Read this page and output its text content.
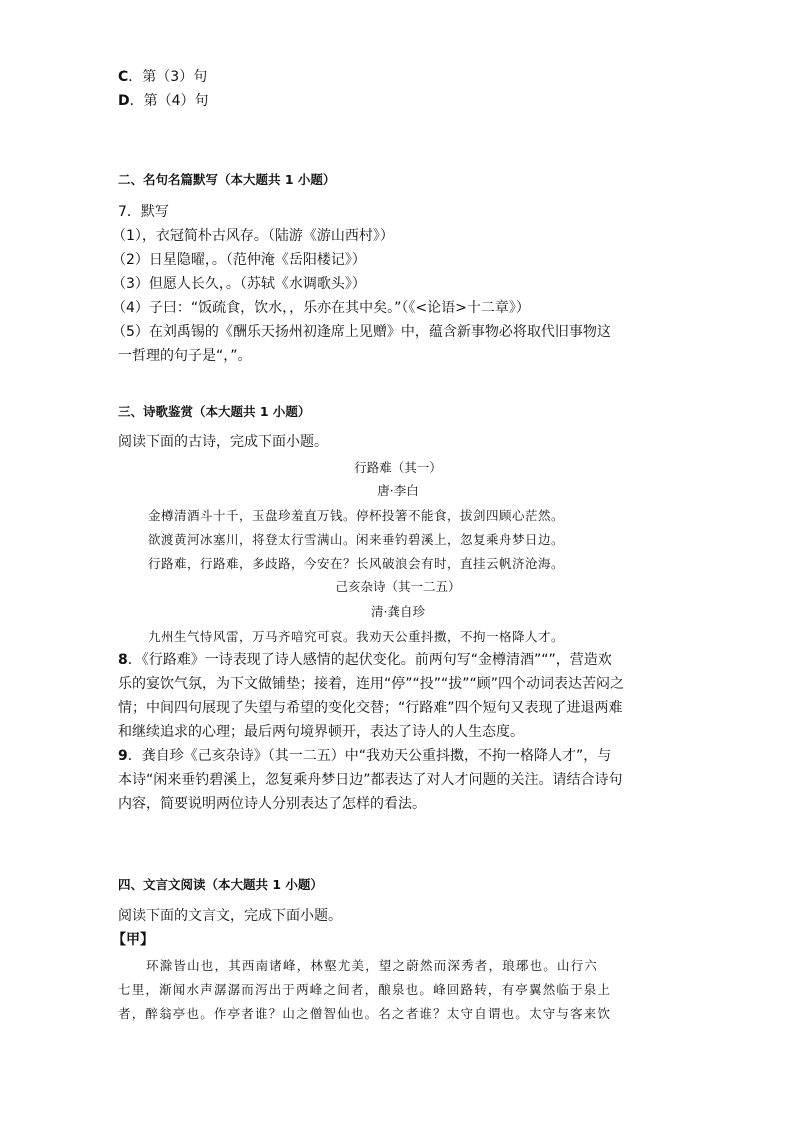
C．第（3）句
D．第（4）句
二、名句名篇默写（本大题共 1 小题）
7．默写
（1），衣冠简朴古风存。（陆游《游山西村》）
（2）日星隐曜，。（范仲淹《岳阳楼记》）
（3）但愿人长久，。（苏轼《水调歌头》）
（4）子曰：“饭疏食，饮水，，乐亦在其中矣。”（《<论语>十二章》）
（5）在刘禹锡的《酬乐天扬州初逢席上见赠》中，蕴含新事物必将取代旧事物这
一哲理的句子是“，”。
三、诗歌鉴赏（本大题共 1 小题）
阅读下面的古诗，完成下面小题。
行路难（其一）
唐·李白
金樽清酒斗十千，玉盘珍羞直万钱。停杯投箸不能食，拔剑四顾心茫然。
欲渡黄河冰塞川，将登太行雪满山。闲来垂钓碧溪上，忽复乘舟梦日边。
行路难，行路难，多歧路，今安在？长风破浪会有时，直挂云帆济沧海。
己亥杂诗（其一二五）
清·龚自珍
九州生气恃风雷，万马齐喑究可哀。我劝天公重抖擞，不拘一格降人才。
8．《行路难》一诗表现了诗人感情的起伏变化。前两句写“金樽清酒”“”，营造欢
乐的宴饮气氛，为下文做铺垫；接着，连用“停”“投”“拔”“顾”四个动词表达苦闷之
情；中间四句展现了失望与希望的变化交替；“行路难”四个短句又表现了进退两难
和继续追求的心理；最后两句境界顿开，表达了诗人的人生态度。
9．龚自珍《己亥杂诗》（其一二五）中“我劝天公重抖擞，不拘一格降人才”，与
本诗“闲来垂钓碧溪上，忽复乘舟梦日边”都表达了对人才问题的关注。请结合诗句
内容，简要说明两位诗人分别表达了怎样的看法。
四、文言文阅读（本大题共 1 小题）
阅读下面的文言文，完成下面小题。
【甲】
环滁皆山也，其西南诸峰，林壑尤美，望之蔚然而深秀者，琅琊也。山行六
七里，渐闻水声潺潺而泻出于两峰之间者，酿泉也。峰回路转，有亭翼然临于泉上
者，醉翁亭也。作亭者谁？山之僧智仙也。名之者谁？太守自谓也。太守与客来饮
